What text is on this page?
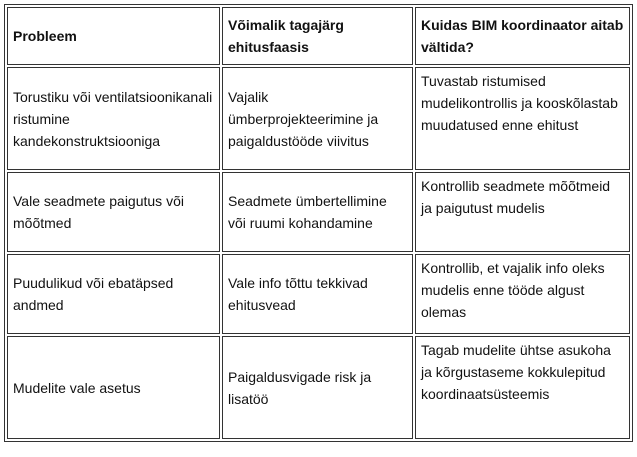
Probleem	Võimalik tagajärg ehitusfaasis	Kuidas BIM koordinaator aitab vältida?
Torustiku või ventilatsioonikanali ristumine kandekonstruktsiooniga	Vajalik ümberprojekteerimine ja paigaldustööde viivitus	Tuvastab ristumised mudelikontrollis ja kooskõlastab muudatused enne ehitust
Vale seadmete paigutus või mõõtmed	Seadmete ümbertellimine või ruumi kohandamine	Kontrollib seadmete mõõtmeid ja paigutust mudelis
Puudulikud või ebatäpsed andmed	Vale info tõttu tekkivad ehitusvead	Kontrollib, et vajalik info oleks mudelis enne tööde algust olemas
Mudelite vale asetus	Paigaldusvigade risk ja lisatöö	Tagab mudelite ühtse asukoha ja kõrgustaseme kokkulepitud koordinaatsüsteemis
